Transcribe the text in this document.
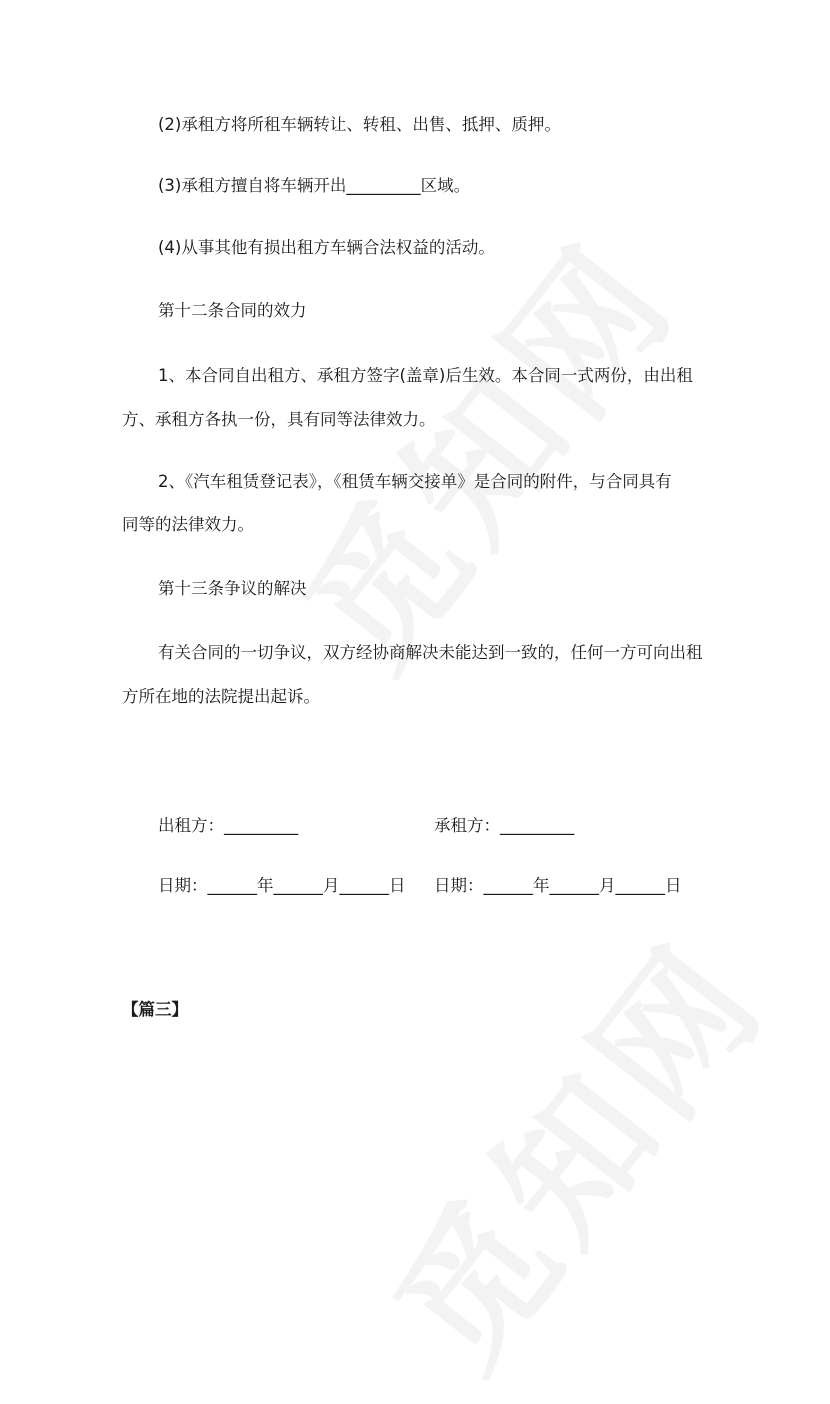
(2)承租方将所租车辆转让、转租、出售、抵押、质押。

(3)承租方擅自将车辆开出_________区域。

(4)从事其他有损出租方车辆合法权益的活动。

第十二条合同的效力

1、本合同自出租方、承租方签字(盖章)后生效。本合同一式两份，由出租

方、承租方各执一份，具有同等法律效力。

2、《汽车租赁登记表》，《租赁车辆交接单》是合同的附件，与合同具有

同等的法律效力。

第十三条争议的解决

有关合同的一切争议，双方经协商解决未能达到一致的，任何一方可向出租

方所在地的法院提出起诉。

出租方：_________	承租方：_________

日期：______年______月______日 日期：______年______月______日

【篇三】
